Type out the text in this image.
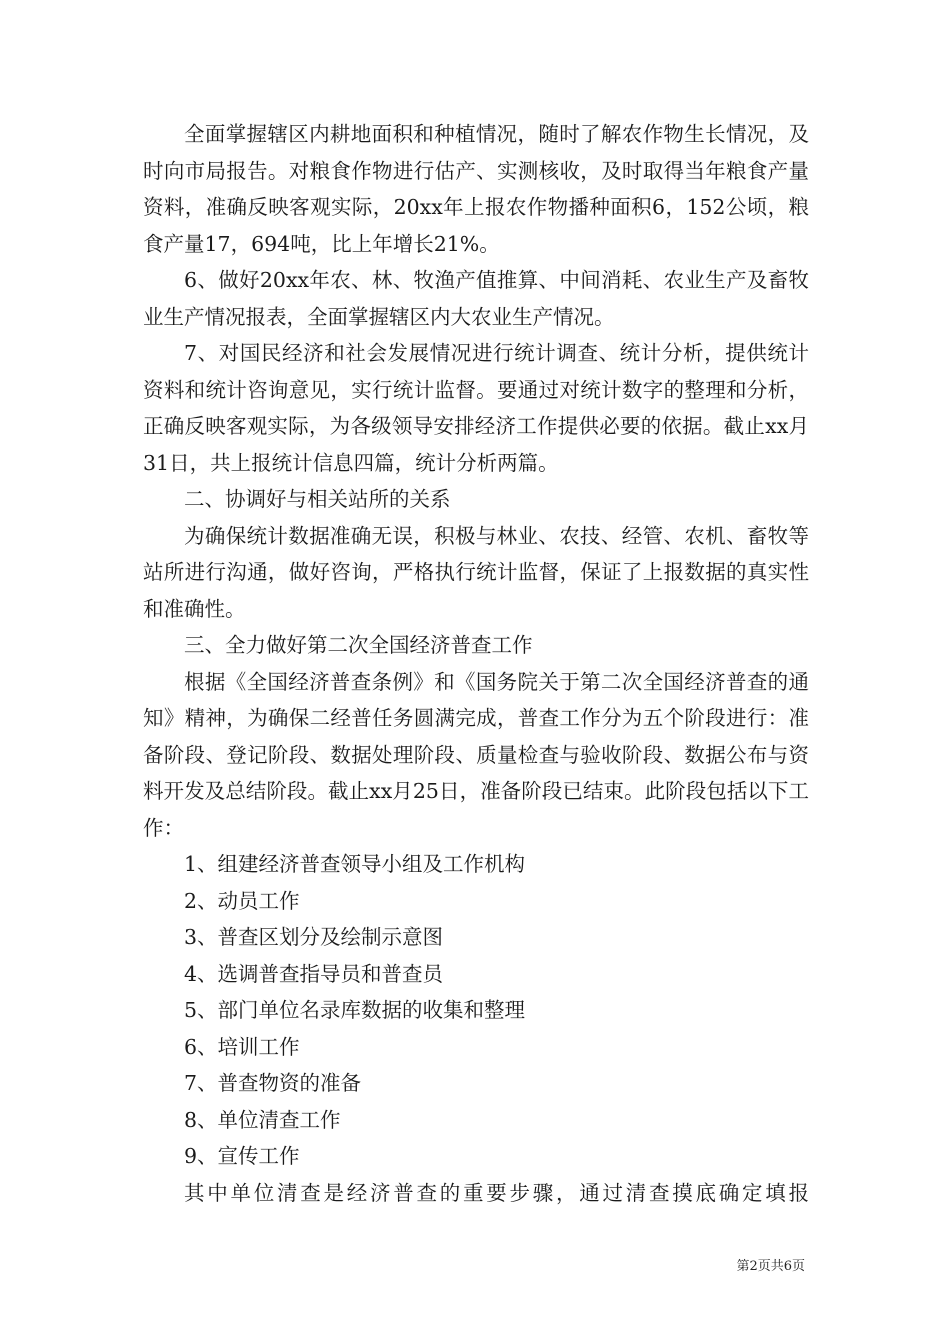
全面掌握辖区内耕地面积和种植情况，随时了解农作物生长情况，及时向市局报告。对粮食作物进行估产、实测核收，及时取得当年粮食产量资料，准确反映客观实际，20xx年上报农作物播种面积6，152公顷，粮食产量17，694吨，比上年增长21%。

6、做好20xx年农、林、牧渔产值推算、中间消耗、农业生产及畜牧业生产情况报表，全面掌握辖区内大农业生产情况。

7、对国民经济和社会发展情况进行统计调查、统计分析，提供统计资料和统计咨询意见，实行统计监督。要通过对统计数字的整理和分析，正确反映客观实际，为各级领导安排经济工作提供必要的依据。截止xx月31日，共上报统计信息四篇，统计分析两篇。

二、协调好与相关站所的关系

为确保统计数据准确无误，积极与林业、农技、经管、农机、畜牧等站所进行沟通，做好咨询，严格执行统计监督，保证了上报数据的真实性和准确性。

三、全力做好第二次全国经济普查工作

根据《全国经济普查条例》和《国务院关于第二次全国经济普查的通知》精神，为确保二经普任务圆满完成，普查工作分为五个阶段进行：准备阶段、登记阶段、数据处理阶段、质量检查与验收阶段、数据公布与资料开发及总结阶段。截止xx月25日，准备阶段已结束。此阶段包括以下工作：

1、组建经济普查领导小组及工作机构

2、动员工作

3、普查区划分及绘制示意图

4、选调普查指导员和普查员

5、部门单位名录库数据的收集和整理

6、培训工作

7、普查物资的准备

8、单位清查工作

9、宣传工作

其中单位清查是经济普查的重要步骤，通过清查摸底确定填报

第2页共6页
